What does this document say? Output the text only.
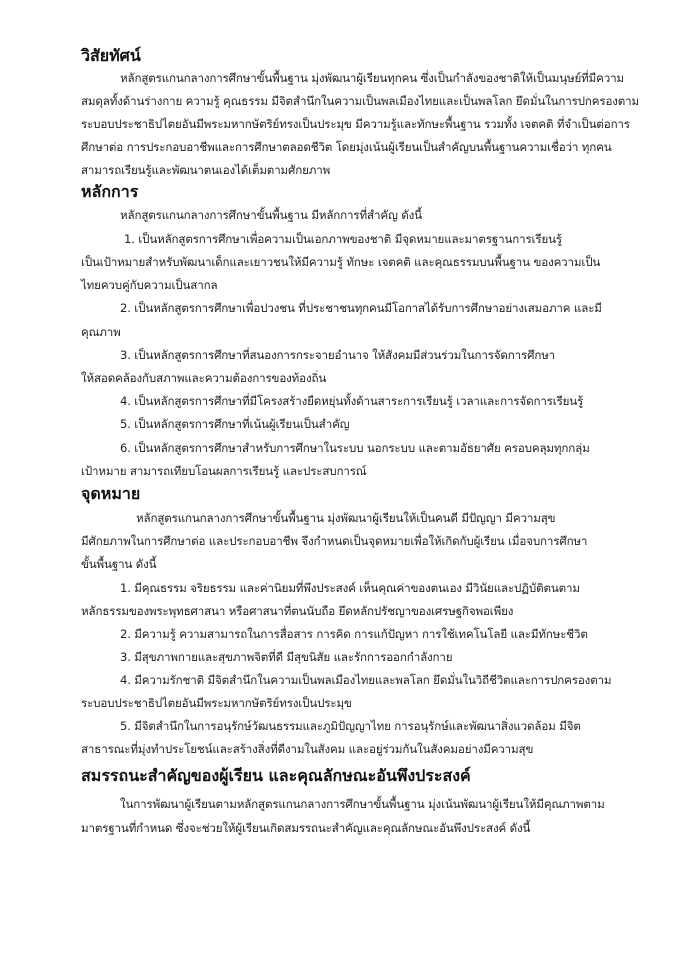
วิสัยทัศน์
หลักสูตรแกนกลางการศึกษาขั้นพื้นฐาน มุ่งพัฒนาผู้เรียนทุกคน ซึ่งเป็นกำลังของชาติให้เป็นมนุษย์ที่มีความ
สมดุลทั้งด้านร่างกาย ความรู้ คุณธรรม มีจิตสำนึกในความเป็นพลเมืองไทยและเป็นพลโลก ยึดมั่นในการปกครองตาม
ระบอบประชาธิปไตยอันมีพระมหากษัตริย์ทรงเป็นประมุข มีความรู้และทักษะพื้นฐาน รวมทั้ง เจตคติ ที่จำเป็นต่อการ
ศึกษาต่อ การประกอบอาชีพและการศึกษาตลอดชีวิต โดยมุ่งเน้นผู้เรียนเป็นสำคัญบนพื้นฐานความเชื่อว่า ทุกคน
สามารถเรียนรู้และพัฒนาตนเองได้เต็มตามศักยภาพ
หลักการ
หลักสูตรแกนกลางการศึกษาขั้นพื้นฐาน มีหลักการที่สำคัญ ดังนี้
1. เป็นหลักสูตรการศึกษาเพื่อความเป็นเอกภาพของชาติ มีจุดหมายและมาตรฐานการเรียนรู้
เป็นเป้าหมายสำหรับพัฒนาเด็กและเยาวชนให้มีความรู้ ทักษะ เจตคติ และคุณธรรมบนพื้นฐาน ของความเป็น
ไทยควบคู่กับความเป็นสากล
2. เป็นหลักสูตรการศึกษาเพื่อปวงชน ที่ประชาชนทุกคนมีโอกาสได้รับการศึกษาอย่างเสมอภาค และมี
คุณภาพ
3. เป็นหลักสูตรการศึกษาที่สนองการกระจายอำนาจ ให้สังคมมีส่วนร่วมในการจัดการศึกษา
ให้สอดคล้องกับสภาพและความต้องการของท้องถิ่น
4. เป็นหลักสูตรการศึกษาที่มีโครงสร้างยืดหยุ่นทั้งด้านสาระการเรียนรู้ เวลาและการจัดการเรียนรู้
5. เป็นหลักสูตรการศึกษาที่เน้นผู้เรียนเป็นสำคัญ
6. เป็นหลักสูตรการศึกษาสำหรับการศึกษาในระบบ นอกระบบ และตามอัธยาศัย ครอบคลุมทุกกลุ่ม
เป้าหมาย สามารถเทียบโอนผลการเรียนรู้ และประสบการณ์
จุดหมาย
หลักสูตรแกนกลางการศึกษาขั้นพื้นฐาน มุ่งพัฒนาผู้เรียนให้เป็นคนดี มีปัญญา มีความสุข
มีศักยภาพในการศึกษาต่อ และประกอบอาชีพ จึงกำหนดเป็นจุดหมายเพื่อให้เกิดกับผู้เรียน เมื่อจบการศึกษา
ขั้นพื้นฐาน ดังนี้
1. มีคุณธรรม จริยธรรม และค่านิยมที่พึงประสงค์ เห็นคุณค่าของตนเอง มีวินัยและปฏิบัติตนตาม
หลักธรรมของพระพุทธศาสนา หรือศาสนาที่ตนนับถือ ยึดหลักปรัชญาของเศรษฐกิจพอเพียง
2. มีความรู้ ความสามารถในการสื่อสาร การคิด การแก้ปัญหา การใช้เทคโนโลยี และมีทักษะชีวิต
3. มีสุขภาพกายและสุขภาพจิตที่ดี มีสุขนิสัย และรักการออกกำลังกาย
4. มีความรักชาติ มีจิตสำนึกในความเป็นพลเมืองไทยและพลโลก ยึดมั่นในวิถีชีวิตและการปกครองตาม
ระบอบประชาธิปไตยอันมีพระมหากษัตริย์ทรงเป็นประมุข
5. มีจิตสำนึกในการอนุรักษ์วัฒนธรรมและภูมิปัญญาไทย การอนุรักษ์และพัฒนาสิ่งแวดล้อม มีจิต
สาธารณะที่มุ่งทำประโยชน์และสร้างสิ่งที่ดีงามในสังคม และอยู่ร่วมกันในสังคมอย่างมีความสุข
สมรรถนะสำคัญของผู้เรียน และคุณลักษณะอันพึงประสงค์
ในการพัฒนาผู้เรียนตามหลักสูตรแกนกลางการศึกษาขั้นพื้นฐาน มุ่งเน้นพัฒนาผู้เรียนให้มีคุณภาพตาม
มาตรฐานที่กำหนด ซึ่งจะช่วยให้ผู้เรียนเกิดสมรรถนะสำคัญและคุณลักษณะอันพึงประสงค์ ดังนี้
